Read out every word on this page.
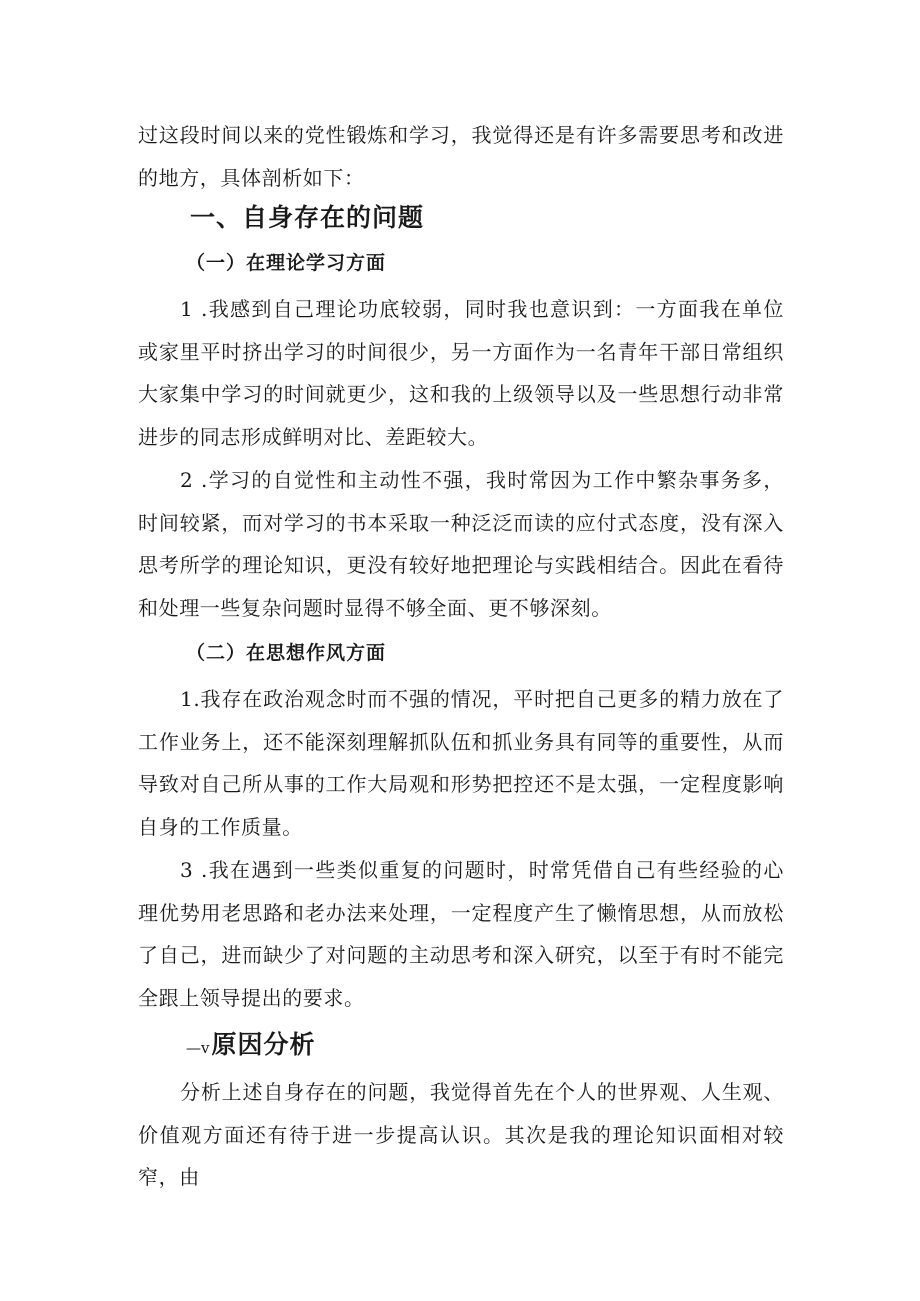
过这段时间以来的党性锻炼和学习，我觉得还是有许多需要思考和改进的地方，具体剖析如下：

一、自身存在的问题
（一）在理论学习方面

1 .我感到自己理论功底较弱，同时我也意识到：一方面我在单位或家里平时挤出学习的时间很少，另一方面作为一名青年干部日常组织大家集中学习的时间就更少，这和我的上级领导以及一些思想行动非常进步的同志形成鲜明对比、差距较大。

2 .学习的自觉性和主动性不强，我时常因为工作中繁杂事务多，时间较紧，而对学习的书本采取一种泛泛而读的应付式态度，没有深入思考所学的理论知识，更没有较好地把理论与实践相结合。因此在看待和处理一些复杂问题时显得不够全面、更不够深刻。

（二）在思想作风方面

1.我存在政治观念时而不强的情况，平时把自己更多的精力放在了工作业务上，还不能深刻理解抓队伍和抓业务具有同等的重要性，从而导致对自己所从事的工作大局观和形势把控还不是太强，一定程度影响自身的工作质量。

3 .我在遇到一些类似重复的问题时，时常凭借自己有些经验的心理优势用老思路和老办法来处理，一定程度产生了懒惰思想，从而放松了自己，进而缺少了对问题的主动思考和深入研究，以至于有时不能完全跟上领导提出的要求。

—v原因分析

分析上述自身存在的问题，我觉得首先在个人的世界观、人生观、价值观方面还有待于进一步提高认识。其次是我的理论知识面相对较窄，由
